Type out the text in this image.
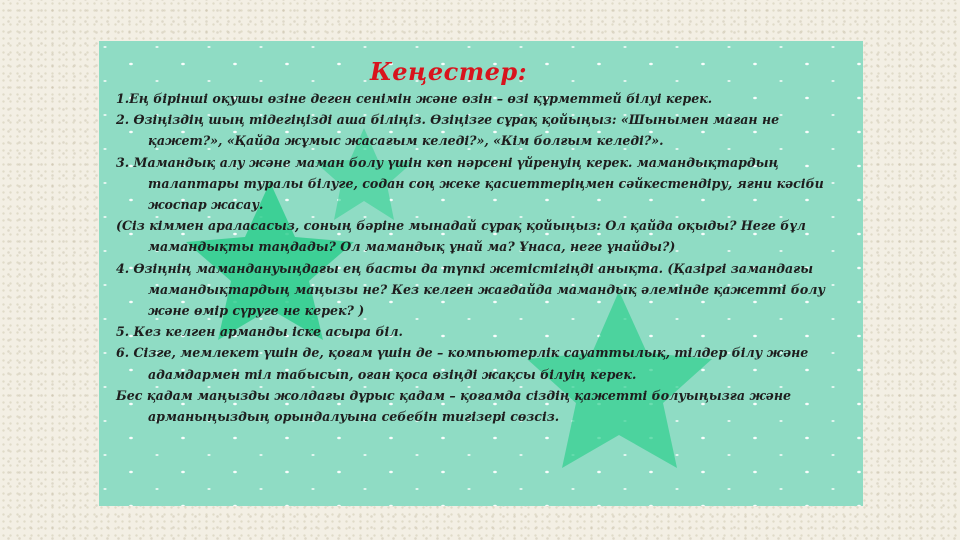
Кеңестер:

1.Ең бірінші оқушы өзіне деген сенімін және өзін – өзі құрметтей білуі керек.

2. Өзіңіздің шың тідегіңізді аша біліңіз. Өзіңізге сұрақ қойыңыз: «Шынымен маған не қажет?», «Қайда жұмыс жасағым келеді?», «Кім болғым келеді?».

3. Мамандық алу және маман болу үшін көп нәрсені үйренуің керек. мамандықтардың талаптары туралы білуге, содан соң жеке қасиеттеріңмен сәйкестендіру, яғни кәсіби жоспар жасау.

(Сіз кіммен араласасыз, соның бәріне мынадай сұрақ қойыңыз: Ол қайда оқыды? Неге бұл мамандықты таңдады? Ол мамандық ұнай ма? Ұнаса, неге ұнайды?)

4. Өзіңнің мамандануыңдағы ең басты да түпкі жетістігіңді анықта. (Қазіргі замандағы мамандықтардың маңызы не? Кез келген жағдайда мамандық әлемінде қажетті болу және өмір сүруге не керек? )

5. Кез келген арманды іске асыра біл.

6. Сізге, мемлекет үшін де, қоғам үшін де – компьютерлік сауаттылық, тілдер білу және адамдармен тіл табысып, оған қоса өзіңді жақсы білуің керек.

Бес қадам маңызды жолдағы дұрыс қадам – қоғамда сіздің қажетті болуыңызға және арманыңыздың орындалуына себебін тигізері сөзсіз.
